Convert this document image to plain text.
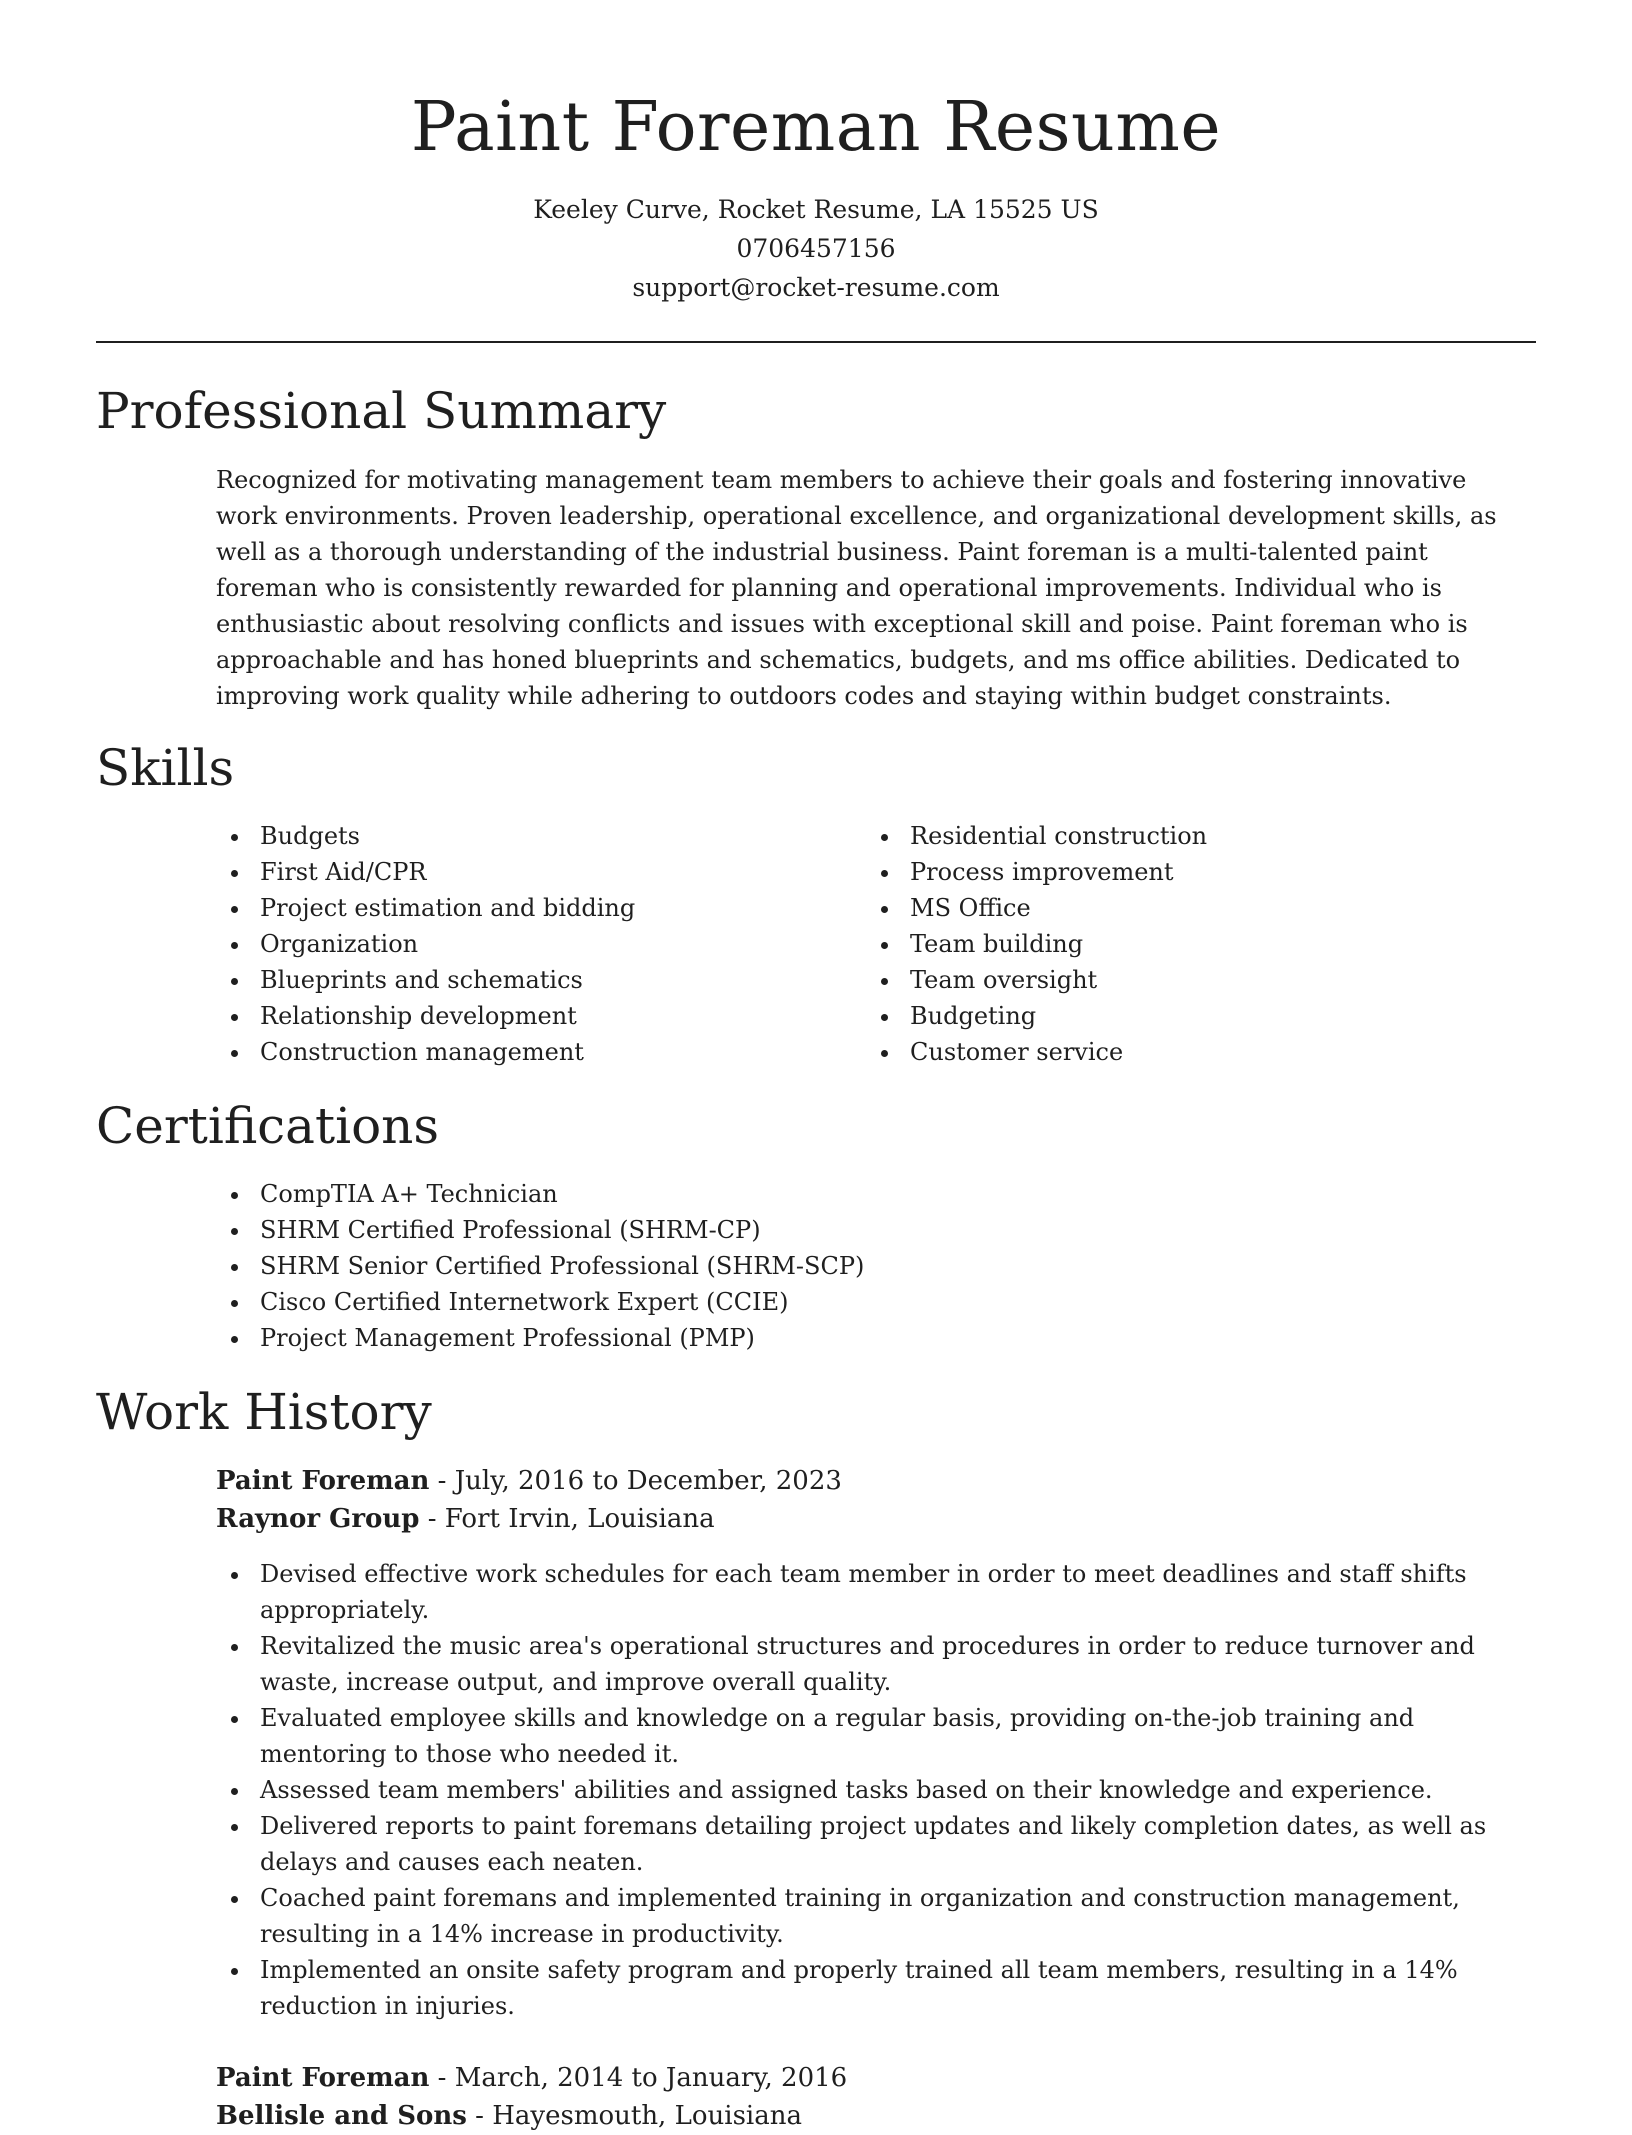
Paint Foreman Resume
Keeley Curve, Rocket Resume, LA 15525 US
0706457156
support@rocket-resume.com
Professional Summary

Recognized for motivating management team members to achieve their goals and fostering innovative work environments. Proven leadership, operational excellence, and organizational development skills, as well as a thorough understanding of the industrial business. Paint foreman is a multi-talented paint foreman who is consistently rewarded for planning and operational improvements. Individual who is enthusiastic about resolving conflicts and issues with exceptional skill and poise. Paint foreman who is approachable and has honed blueprints and schematics, budgets, and ms office abilities. Dedicated to improving work quality while adhering to outdoors codes and staying within budget constraints.

Skills
Budgets
First Aid/CPR
Project estimation and bidding
Organization
Blueprints and schematics
Relationship development
Construction management
Residential construction
Process improvement
MS Office
Team building
Team oversight
Budgeting
Customer service
Certifications
CompTIA A+ Technician
SHRM Certified Professional (SHRM-CP)
SHRM Senior Certified Professional (SHRM-SCP)
Cisco Certified Internetwork Expert (CCIE)
Project Management Professional (PMP)
Work History
Paint Foreman - July, 2016 to December, 2023
Raynor Group - Fort Irvin, Louisiana
Devised effective work schedules for each team member in order to meet deadlines and staff shifts appropriately.
Revitalized the music area's operational structures and procedures in order to reduce turnover and waste, increase output, and improve overall quality.
Evaluated employee skills and knowledge on a regular basis, providing on-the-job training and mentoring to those who needed it.
Assessed team members' abilities and assigned tasks based on their knowledge and experience.
Delivered reports to paint foremans detailing project updates and likely completion dates, as well as delays and causes each neaten.
Coached paint foremans and implemented training in organization and construction management, resulting in a 14% increase in productivity.
Implemented an onsite safety program and properly trained all team members, resulting in a 14% reduction in injuries.
Paint Foreman - March, 2014 to January, 2016
Bellisle and Sons - Hayesmouth, Louisiana
